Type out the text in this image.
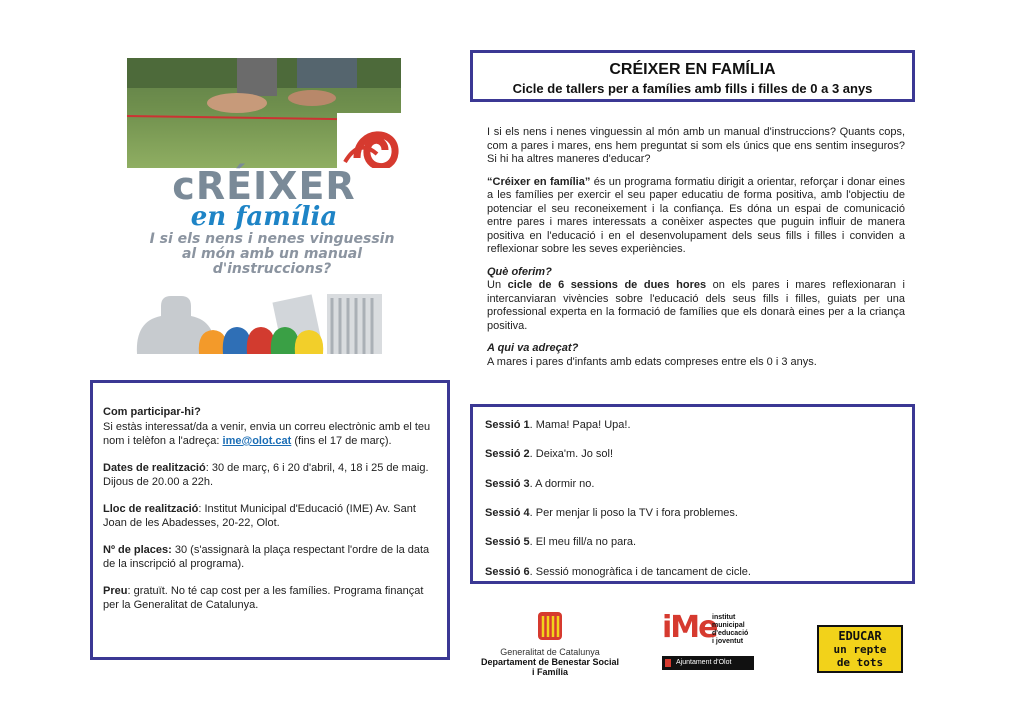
cRÉIXER
en família
I si els nens i nenes vinguessin al món amb un manual d'instruccions?
CRÉIXER EN FAMÍLIA
Cicle de tallers per a famílies amb fills i filles de 0 a 3 anys

I si els nens i nenes vinguessin al món amb un manual d'instruccions? Quants cops, com a pares i mares, ens hem preguntat si som els únics que ens sentim inseguros? Si hi ha altres maneres d'educar?

“Créixer en família” és un programa formatiu dirigit a orientar, reforçar i donar eines a les famílies per exercir el seu paper educatiu de forma positiva, amb l'objectiu de potenciar el seu reconeixement i la confiança. Es dóna un espai de comunicació entre pares i mares interessats a conèixer aspectes que puguin influir de manera positiva en l'educació i en el desenvolupament dels seus fills i filles i conviden a reflexionar sobre les seves experiències.

Què oferim?
Un cicle de 6 sessions de dues hores on els pares i mares reflexionaran i intercanviaran vivències sobre l'educació dels seus fills i filles, guiats per una professional experta en la formació de famílies que els donarà eines per a la criança positiva.

A qui va adreçat?
A mares i pares d'infants amb edats compreses entre els 0 i 3 anys.

Sessió 1. Mama! Papa! Upa!.
Sessió 2. Deixa'm. Jo sol!
Sessió 3. A dormir no.
Sessió 4. Per menjar li poso la TV i fora problemes.
Sessió 5. El meu fill/a no para.
Sessió 6. Sessió monogràfica i de tancament de cicle.

Com participar-hi?
Si estàs interessat/da a venir, envia un correu electrònic amb el teu nom i telèfon a l'adreça: ime@olot.cat (fins el 17 de març).

Dates de realització: 30 de març, 6 i 20 d'abril, 4, 18 i 25 de maig. Dijous de 20.00 a 22h.

Lloc de realització: Institut Municipal d'Educació (IME) Av. Sant Joan de les Abadesses, 20-22, Olot.

Nº de places: 30 (s'assignarà la plaça respectant l'ordre de la data de la inscripció al programa).

Preu: gratuït. No té cap cost per a les famílies. Programa finançat per la Generalitat de Catalunya.

Generalitat de Catalunya
Departament de Benestar Social
i Família
iMe
institut
municipal
d'educació
i joventut
Ajuntament d'Olot
EDUCAR
un repte
de tots
